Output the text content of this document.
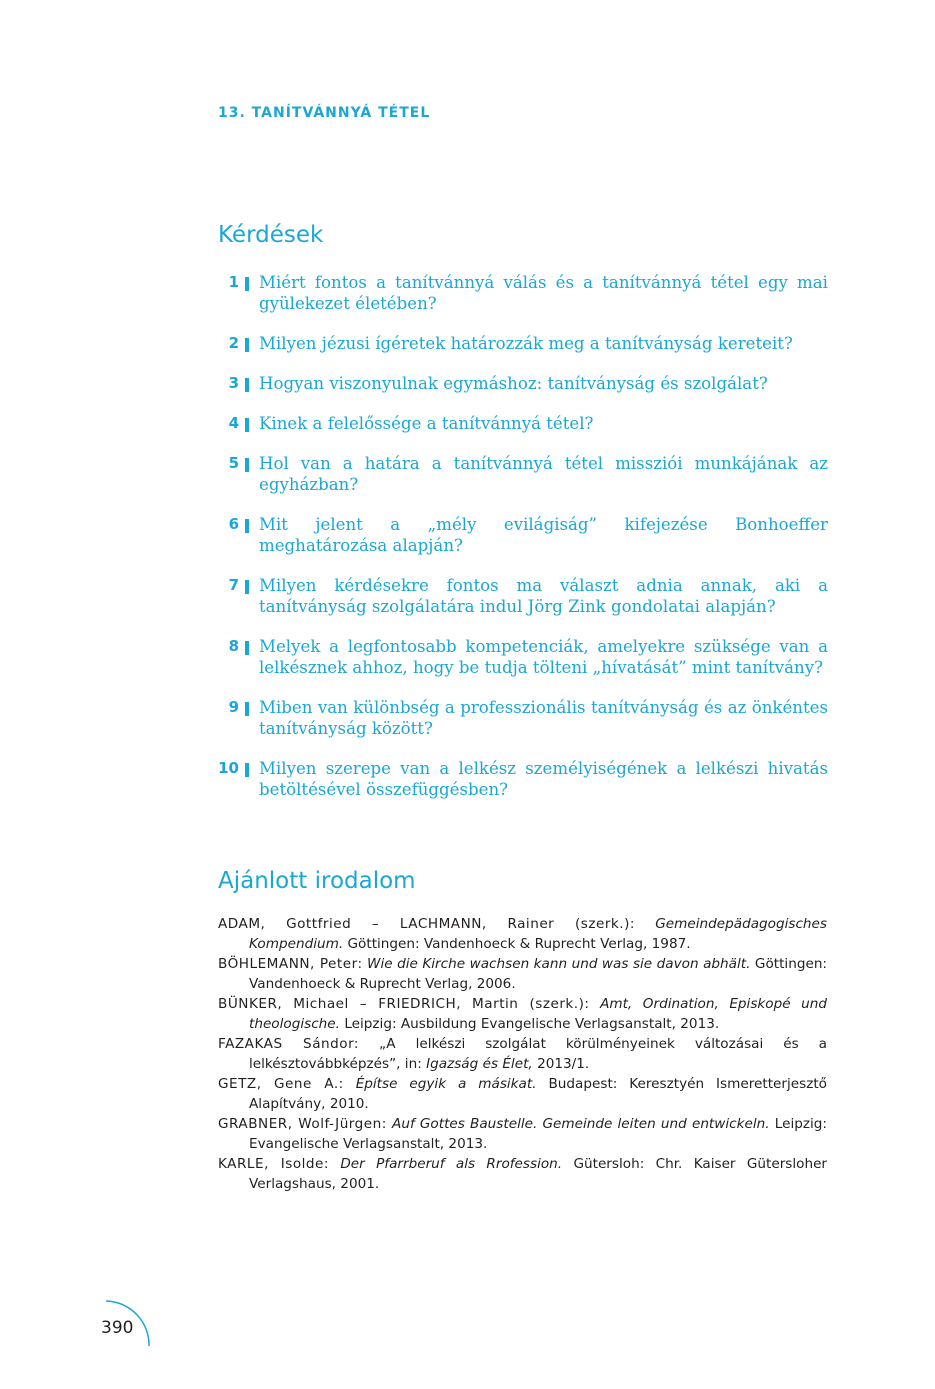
13. TANÍTVÁNNYÁ TÉTEL
Kérdések
1 Miért fontos a tanítvánnyá válás és a tanítvánnyá tétel egy mai gyülekezet életében?
2 Milyen jézusi ígéretek határozzák meg a tanítványság kereteit?
3 Hogyan viszonyulnak egymáshoz: tanítványság és szolgálat?
4 Kinek a felelőssége a tanítvánnyá tétel?
5 Hol van a határa a tanítvánnyá tétel missziói munkájának az egyházban?
6 Mit jelent a „mély evilágiság” kifejezése Bonhoeffer meghatározása alapján?
7 Milyen kérdésekre fontos ma választ adnia annak, aki a tanítványság szolgálatára indul Jörg Zink gondolatai alapján?
8 Melyek a legfontosabb kompetenciák, amelyekre szüksége van a lelkésznek ahhoz, hogy be tudja tölteni „hívatását” mint tanítvány?
9 Miben van különbség a professzionális tanítványság és az önkéntes tanítványság között?
10 Milyen szerepe van a lelkész személyiségének a lelkészi hivatás betöltésével összefüggésben?
Ajánlott irodalom
ADAM, Gottfried – LACHMANN, Rainer (szerk.): Gemeindepädagogisches Kompendium. Göttingen: Vandenhoeck & Ruprecht Verlag, 1987.
BÖHLEMANN, Peter: Wie die Kirche wachsen kann und was sie davon abhält. Göttingen: Vandenhoeck & Ruprecht Verlag, 2006.
BÜNKER, Michael – FRIEDRICH, Martin (szerk.): Amt, Ordination, Episkopé und theologische. Leipzig: Ausbildung Evangelische Verlagsanstalt, 2013.
FAZAKAS Sándor: „A lelkészi szolgálat körülményeinek változásai és a lelkésztovábbképzés”, in: Igazság és Élet, 2013/1.
GETZ, Gene A.: Építse egyik a másikat. Budapest: Keresztyén Ismeretterjesztő Alapítvány, 2010.
GRABNER, Wolf-Jürgen: Auf Gottes Baustelle. Gemeinde leiten und entwickeln. Leipzig: Evangelische Verlagsanstalt, 2013.
KARLE, Isolde: Der Pfarrberuf als Rrofession. Gütersloh: Chr. Kaiser Gütersloher Verlagshaus, 2001.
390
